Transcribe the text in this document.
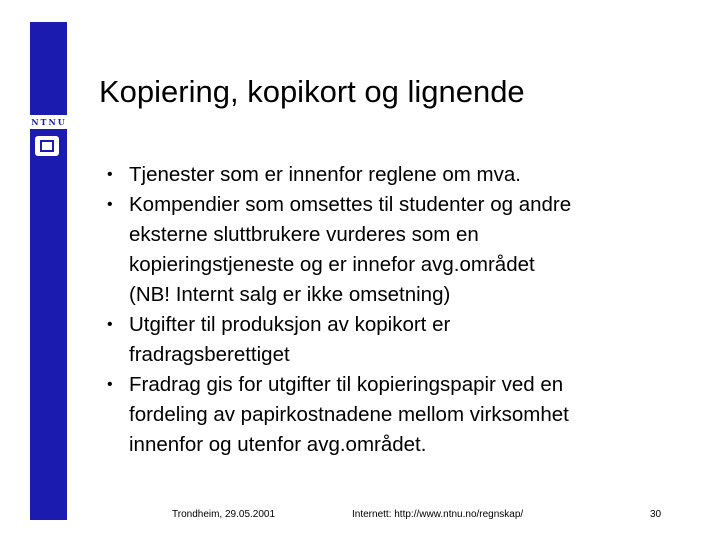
NTNU
Kopiering, kopikort og lignende
• Tjenester som er innenfor reglene om mva.
• Kompendier som omsettes til studenter og andre
eksterne sluttbrukere vurderes som en
kopieringstjeneste og er innefor avg.området
(NB! Internt salg er ikke omsetning)
• Utgifter til produksjon av kopikort er
fradragsberettiget
• Fradrag gis for utgifter til kopieringspapir ved en
fordeling av papirkostnadene mellom virksomhet
innenfor og utenfor avg.området.
Trondheim, 29.05.2001	Internett: http://www.ntnu.no/regnskap/	30
